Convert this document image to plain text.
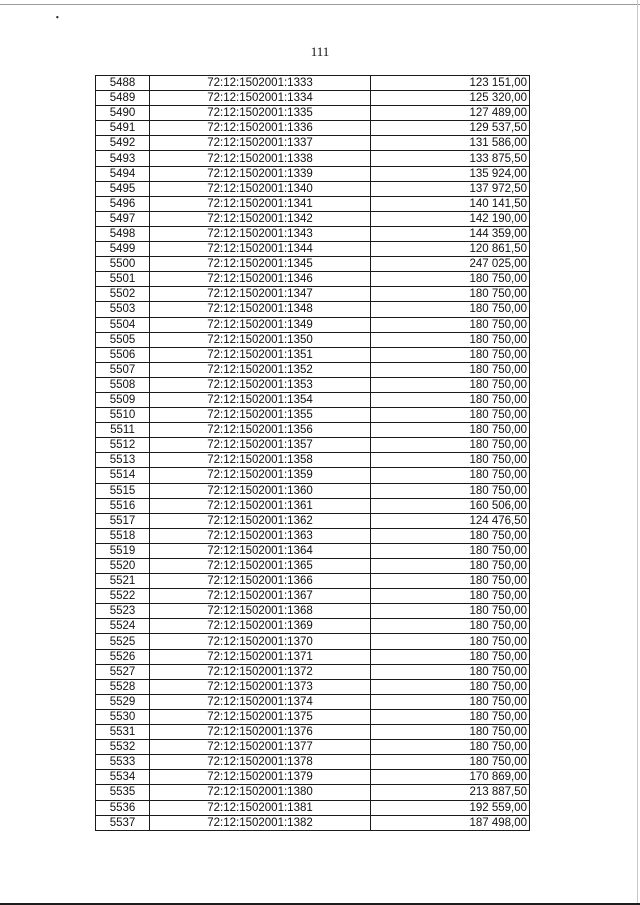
•
111
5488	72:12:1502001:1333	123 151,00
5489	72:12:1502001:1334	125 320,00
5490	72:12:1502001:1335	127 489,00
5491	72:12:1502001:1336	129 537,50
5492	72:12:1502001:1337	131 586,00
5493	72:12:1502001:1338	133 875,50
5494	72:12:1502001:1339	135 924,00
5495	72:12:1502001:1340	137 972,50
5496	72:12:1502001:1341	140 141,50
5497	72:12:1502001:1342	142 190,00
5498	72:12:1502001:1343	144 359,00
5499	72:12:1502001:1344	120 861,50
5500	72:12:1502001:1345	247 025,00
5501	72:12:1502001:1346	180 750,00
5502	72:12:1502001:1347	180 750,00
5503	72:12:1502001:1348	180 750,00
5504	72:12:1502001:1349	180 750,00
5505	72:12:1502001:1350	180 750,00
5506	72:12:1502001:1351	180 750,00
5507	72:12:1502001:1352	180 750,00
5508	72:12:1502001:1353	180 750,00
5509	72:12:1502001:1354	180 750,00
5510	72:12:1502001:1355	180 750,00
5511	72:12:1502001:1356	180 750,00
5512	72:12:1502001:1357	180 750,00
5513	72:12:1502001:1358	180 750,00
5514	72:12:1502001:1359	180 750,00
5515	72:12:1502001:1360	180 750,00
5516	72:12:1502001:1361	160 506,00
5517	72:12:1502001:1362	124 476,50
5518	72:12:1502001:1363	180 750,00
5519	72:12:1502001:1364	180 750,00
5520	72:12:1502001:1365	180 750,00
5521	72:12:1502001:1366	180 750,00
5522	72:12:1502001:1367	180 750,00
5523	72:12:1502001:1368	180 750,00
5524	72:12:1502001:1369	180 750,00
5525	72:12:1502001:1370	180 750,00
5526	72:12:1502001:1371	180 750,00
5527	72:12:1502001:1372	180 750,00
5528	72:12:1502001:1373	180 750,00
5529	72:12:1502001:1374	180 750,00
5530	72:12:1502001:1375	180 750,00
5531	72:12:1502001:1376	180 750,00
5532	72:12:1502001:1377	180 750,00
5533	72:12:1502001:1378	180 750,00
5534	72:12:1502001:1379	170 869,00
5535	72:12:1502001:1380	213 887,50
5536	72:12:1502001:1381	192 559,00
5537	72:12:1502001:1382	187 498,00
